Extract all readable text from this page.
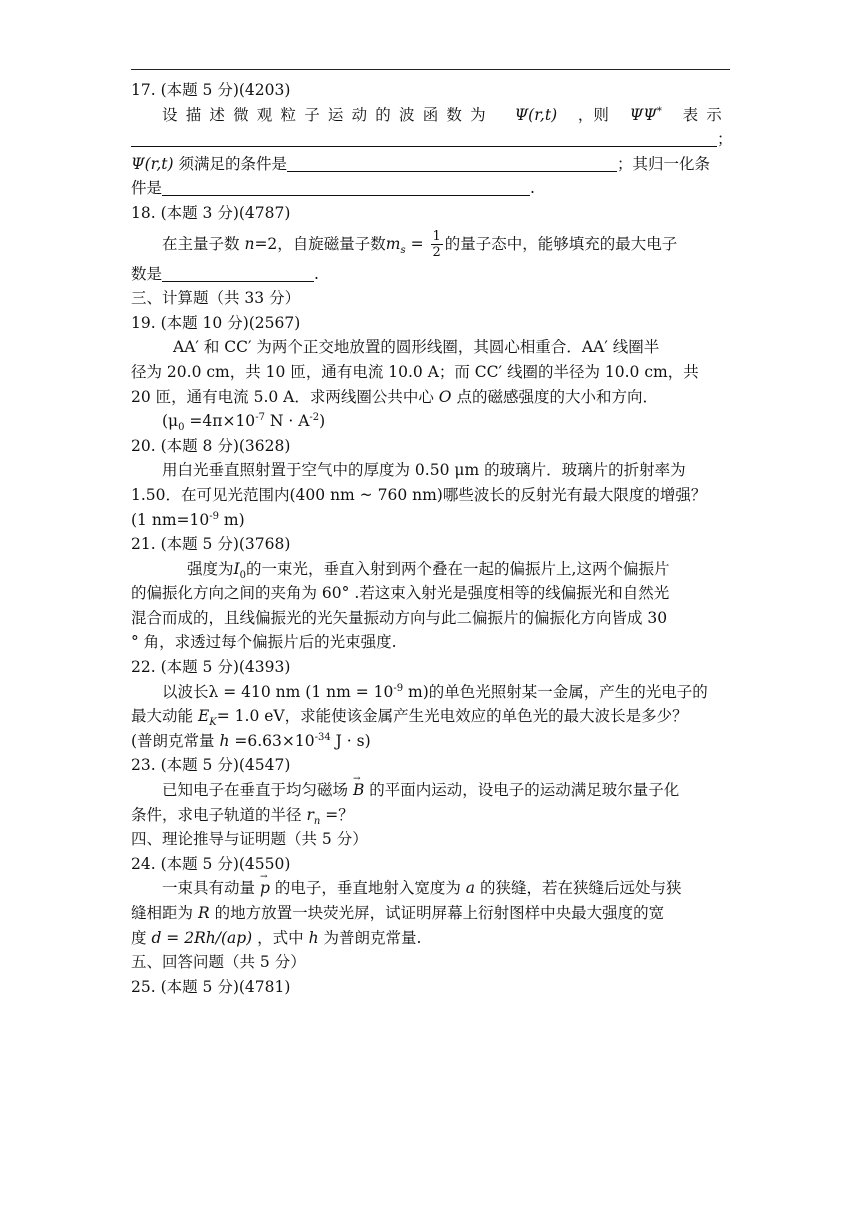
17. (本题 5 分)(4203)
设描述微观粒子运动的波函数为 Ψ(r,t) ，则 ΨΨ* 表示
；
Ψ(r,t) 须满足的条件是	；其归一化条
件是	.
18. (本题 3 分)(4787)
在主量子数 n=2，自旋磁量子数$m_s = \frac{1}{2}$ 的量子态中，能够填充的最大电子
数是	.
三、计算题（共 33 分）
19. (本题 10 分)(2567)
AA′ 和 CC′ 为两个正交地放置的圆形线圈，其圆心相重合．AA′ 线圈半
径为 20.0 cm，共 10 匝，通有电流 10.0 A；而 CC′ 线圈的半径为 10.0 cm，共
20 匝，通有电流 5.0 A．求两线圈公共中心 O 点的磁感强度的大小和方向．
($\mu_0 =4\pi\times 10^{-7}$ $N \cdot A^{-2}$)
20. (本题 8 分)(3628)
用白光垂直照射置于空气中的厚度为 0.50 μm 的玻璃片．玻璃片的折射率为
1.50．在可见光范围内(400 nm ~ 760 nm)哪些波长的反射光有最大限度的增强？
(1 $nm=10^{-9}$ m)
21. (本题 5 分)(3768)
强度为$I_0$的一束光，垂直入射到两个叠在一起的偏振片上,这两个偏振片
的偏振化方向之间的夹角为 60° .若这束入射光是强度相等的线偏振光和自然光
混合而成的，且线偏振光的光矢量振动方向与此二偏振片的偏振化方向皆成 30
° 角，求透过每个偏振片后的光束强度.
22. (本题 5 分)(4393)
以波长λ = 410 nm (1 nm = $10^{-9}$ m)的单色光照射某一金属，产生的光电子的
最大动能 $E_K= 1.0$ eV，求能使该金属产生光电效应的单色光的最大波长是多少？
(普朗克常量 $h =6.63\times 10^{-34}$ J · s)
23. (本题 5 分)(4547)
已知电子在垂直于均匀磁场 → B 的平面内运动，设电子的运动满足玻尔量子化
条件，求电子轨道的半径 $r_n$ =？
四、理论推导与证明题（共 5 分）
24. (本题 5 分)(4550)
一束具有动量 → p 的电子，垂直地射入宽度为 a 的狭缝，若在狭缝后远处与狭
缝相距为 R 的地方放置一块荧光屏，试证明屏幕上衍射图样中央最大强度的宽
度 d = 2Rh/(ap) ，式中 h 为普朗克常量.
五、回答问题（共 5 分）
25. (本题 5 分)(4781)
